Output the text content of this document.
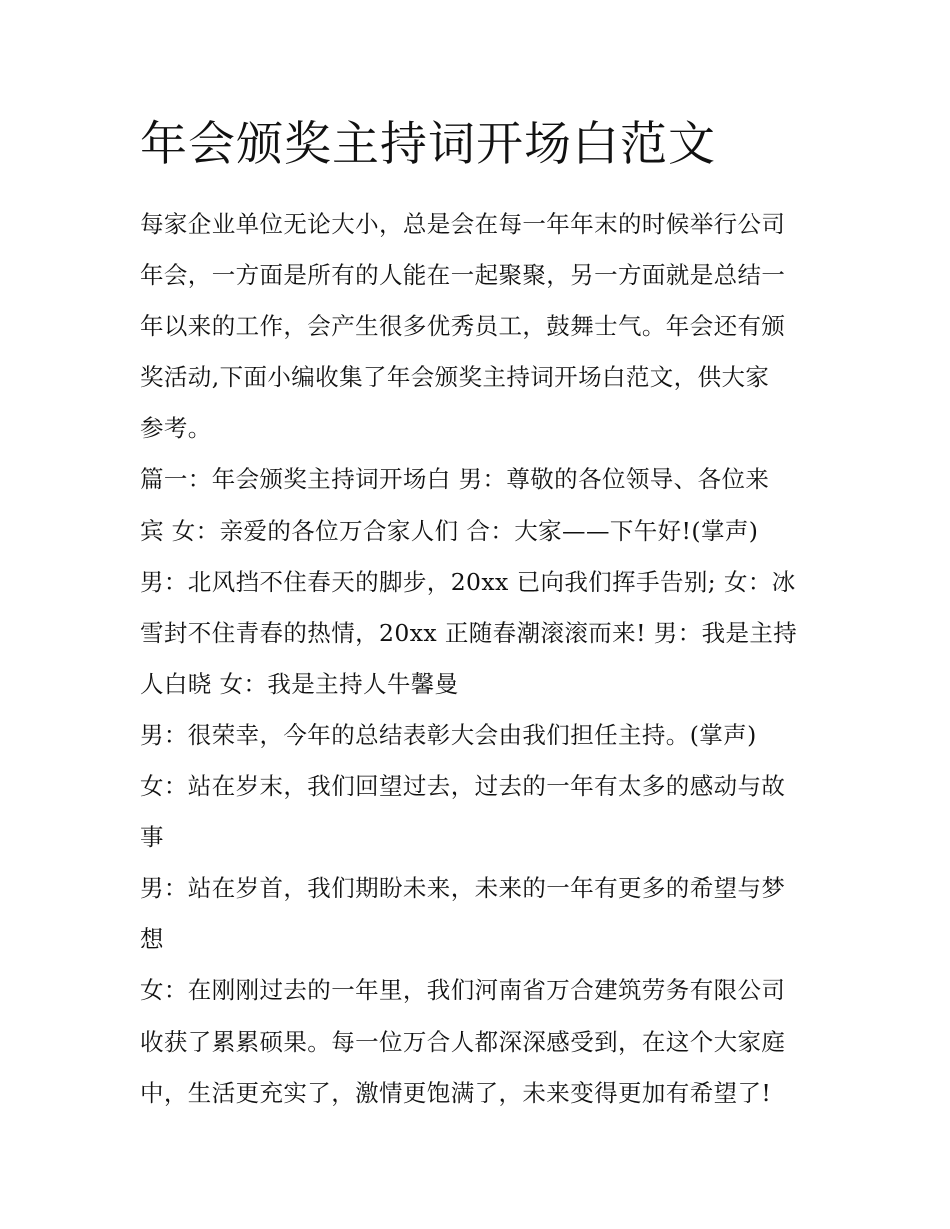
年会颁奖主持词开场白范文
每家企业单位无论大小，总是会在每一年年末的时候举行公司
年会，一方面是所有的人能在一起聚聚，另一方面就是总结一
年以来的工作，会产生很多优秀员工，鼓舞士气。年会还有颁
奖活动,下面小编收集了年会颁奖主持词开场白范文，供大家
参考。
篇一：年会颁奖主持词开场白 男：尊敬的各位领导、各位来
宾 女：亲爱的各位万合家人们 合：大家——下午好!(掌声)
男：北风挡不住春天的脚步，20xx 已向我们挥手告别; 女：冰
雪封不住青春的热情，20xx 正随春潮滚滚而来! 男：我是主持
人白晓 女：我是主持人牛馨曼
男：很荣幸，今年的总结表彰大会由我们担任主持。(掌声)
女：站在岁末，我们回望过去，过去的一年有太多的感动与故
事
男：站在岁首，我们期盼未来，未来的一年有更多的希望与梦
想
女：在刚刚过去的一年里，我们河南省万合建筑劳务有限公司
收获了累累硕果。每一位万合人都深深感受到，在这个大家庭
中，生活更充实了，激情更饱满了，未来变得更加有希望了!
